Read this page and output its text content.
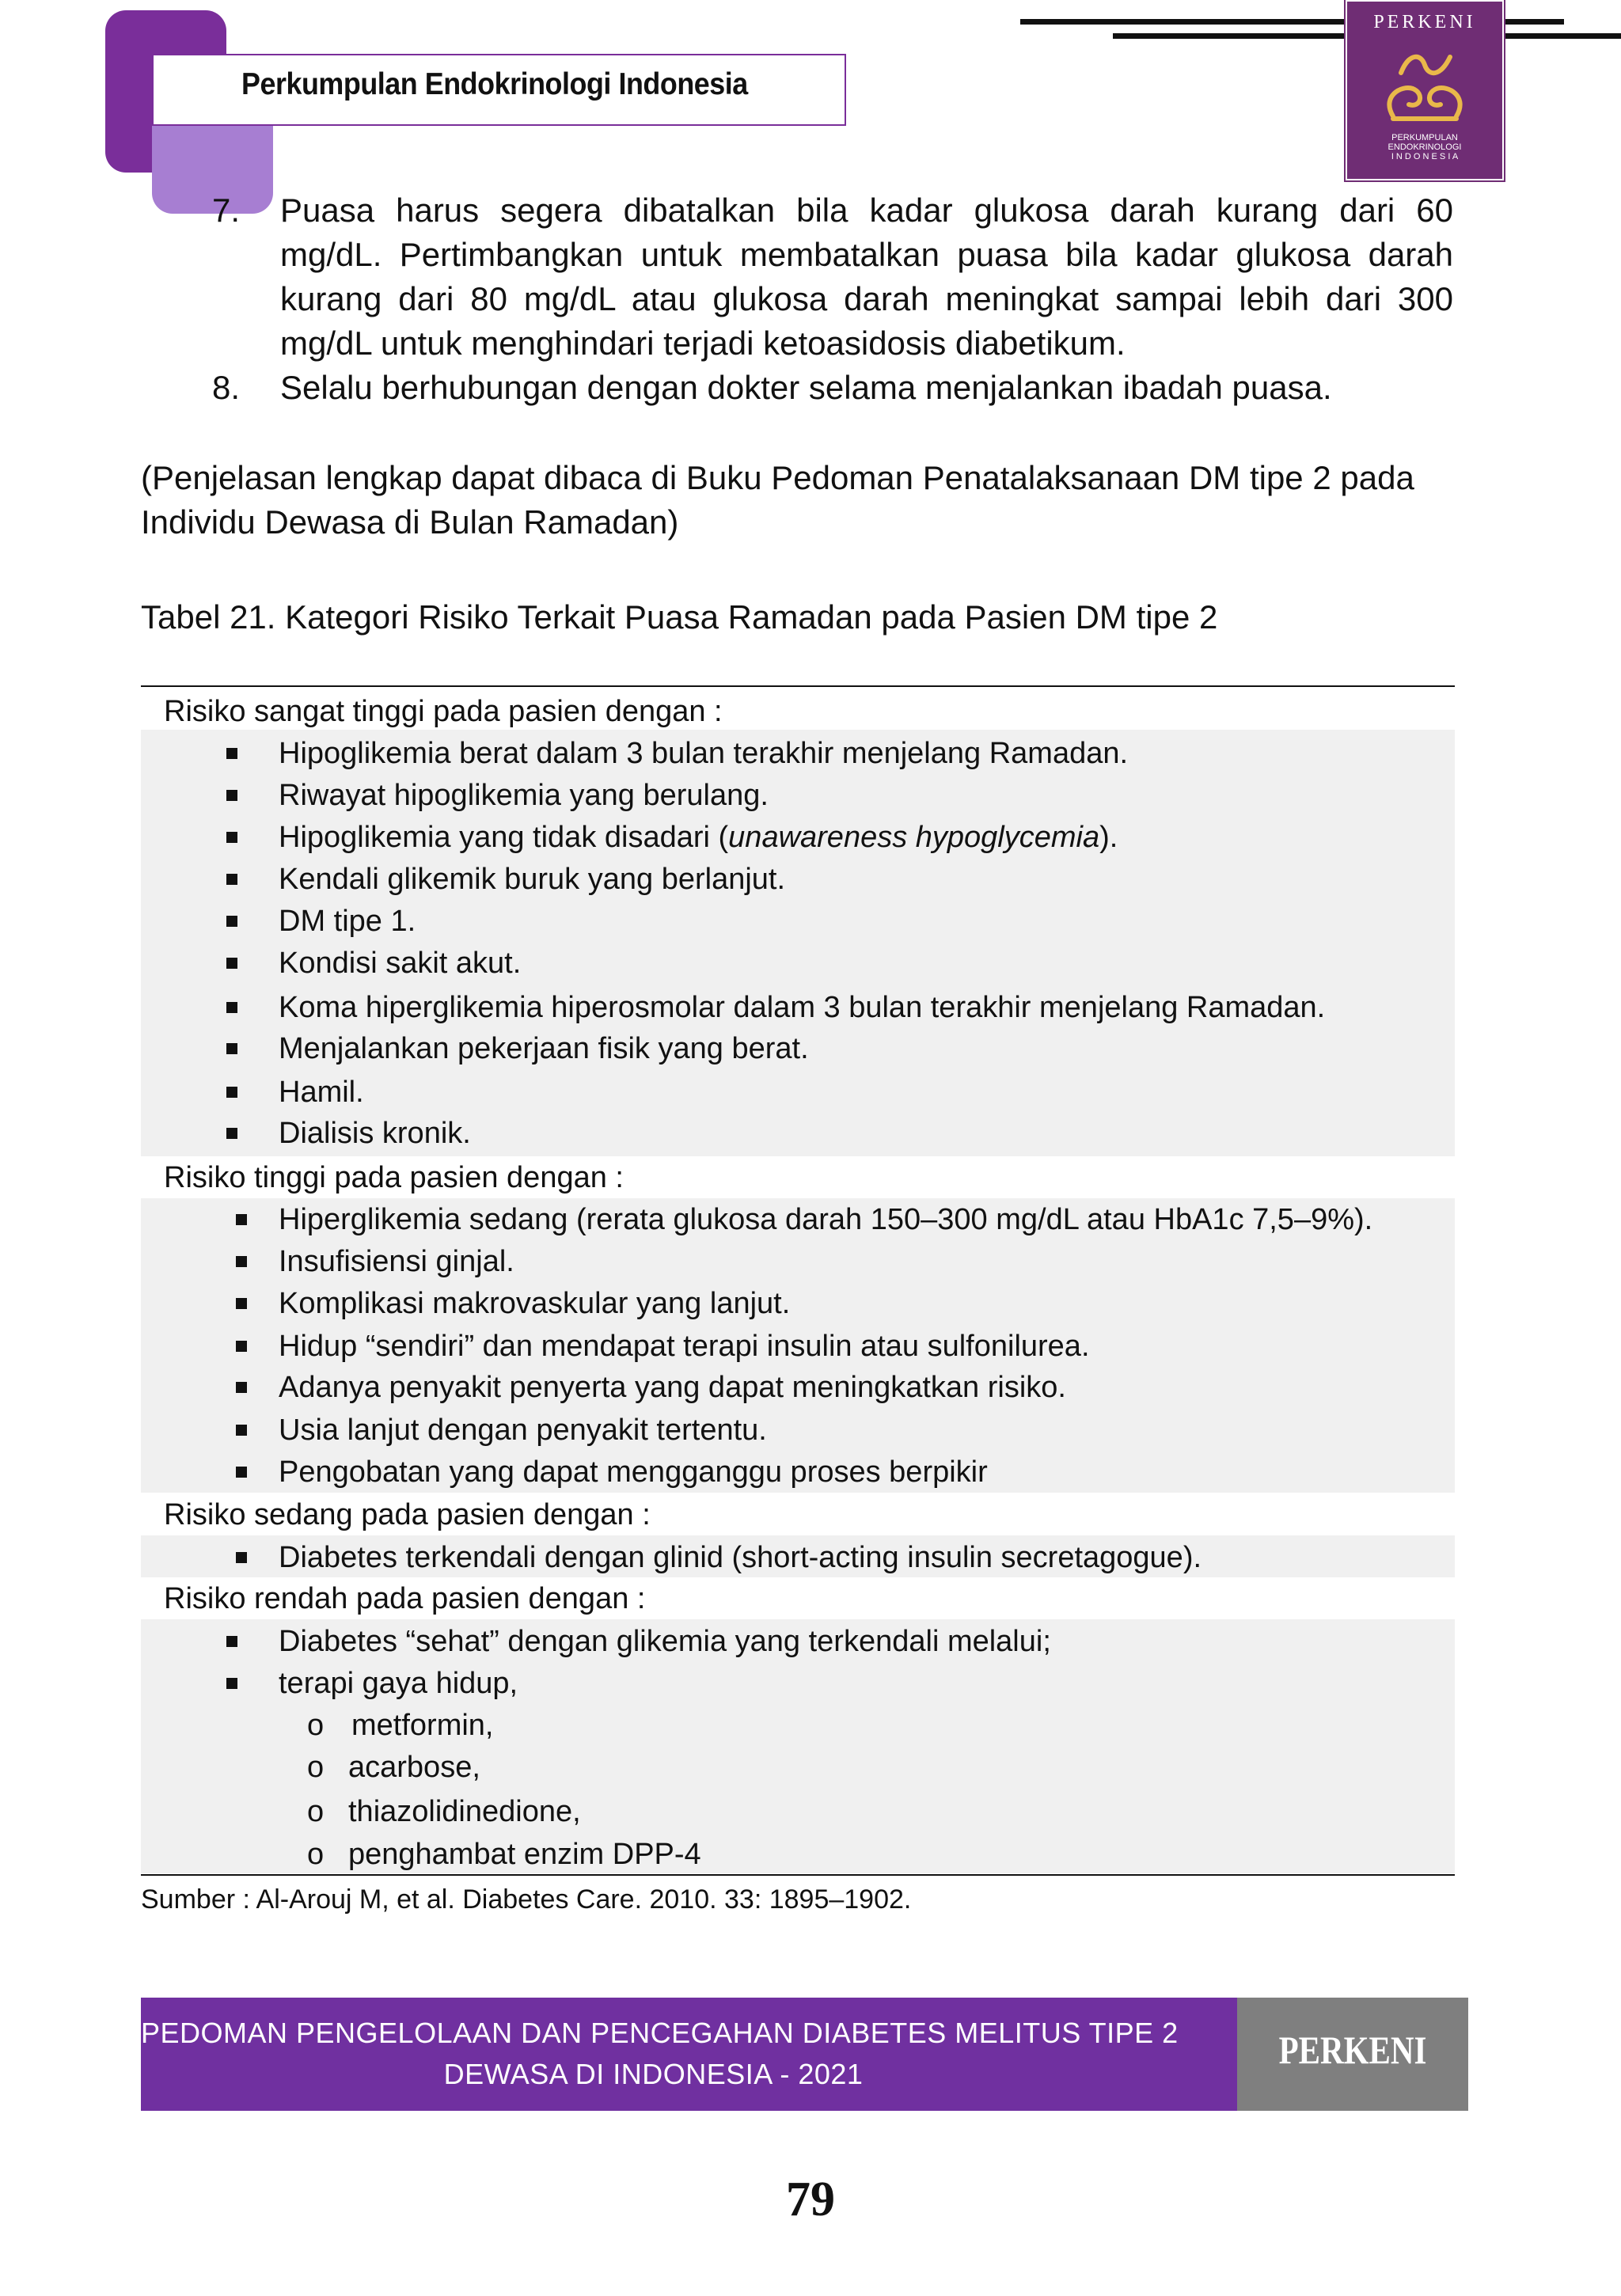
Perkumpulan Endokrinologi Indonesia
PERKENI
PERKUMPULAN
ENDOKRINOLOGI
I N D O N E S I A
7.	Puasa harus segera dibatalkan bila kadar glukosa darah kurang dari 60
mg/dL. Pertimbangkan untuk membatalkan puasa bila kadar glukosa darah
kurang dari 80 mg/dL atau glukosa darah meningkat sampai lebih dari 300
mg/dL untuk menghindari terjadi ketoasidosis diabetikum.
8.	Selalu berhubungan dengan dokter selama menjalankan ibadah puasa.
(Penjelasan lengkap dapat dibaca di Buku Pedoman Penatalaksanaan DM tipe 2 pada
Individu Dewasa di Bulan Ramadan)
Tabel 21. Kategori Risiko Terkait Puasa Ramadan pada Pasien DM tipe 2
Risiko sangat tinggi pada pasien dengan :
Hipoglikemia berat dalam 3 bulan terakhir menjelang Ramadan.
Riwayat hipoglikemia yang berulang.
Hipoglikemia yang tidak disadari (unawareness hypoglycemia).
Kendali glikemik buruk yang berlanjut.
DM tipe 1.
Kondisi sakit akut.
Koma hiperglikemia hiperosmolar dalam 3 bulan terakhir menjelang Ramadan.
Menjalankan pekerjaan fisik yang berat.
Hamil.
Dialisis kronik.
Risiko tinggi pada pasien dengan :
Hiperglikemia sedang (rerata glukosa darah 150–300 mg/dL atau HbA1c 7,5–9%).
Insufisiensi ginjal.
Komplikasi makrovaskular yang lanjut.
Hidup “sendiri” dan mendapat terapi insulin atau sulfonilurea.
Adanya penyakit penyerta yang dapat meningkatkan risiko.
Usia lanjut dengan penyakit tertentu.
Pengobatan yang dapat mengganggu proses berpikir
Risiko sedang pada pasien dengan :
Diabetes terkendali dengan glinid (short-acting insulin secretagogue).
Risiko rendah pada pasien dengan :
Diabetes “sehat” dengan glikemia yang terkendali melalui;
terapi gaya hidup,
o metformin,
o acarbose,
o thiazolidinedione,
o penghambat enzim DPP-4
Sumber : Al-Arouj M, et al. Diabetes Care. 2010. 33: 1895–1902.
PEDOMAN PENGELOLAAN DAN PENCEGAHAN DIABETES MELITUS TIPE 2
DEWASA DI INDONESIA - 2021
PERKENI
79
